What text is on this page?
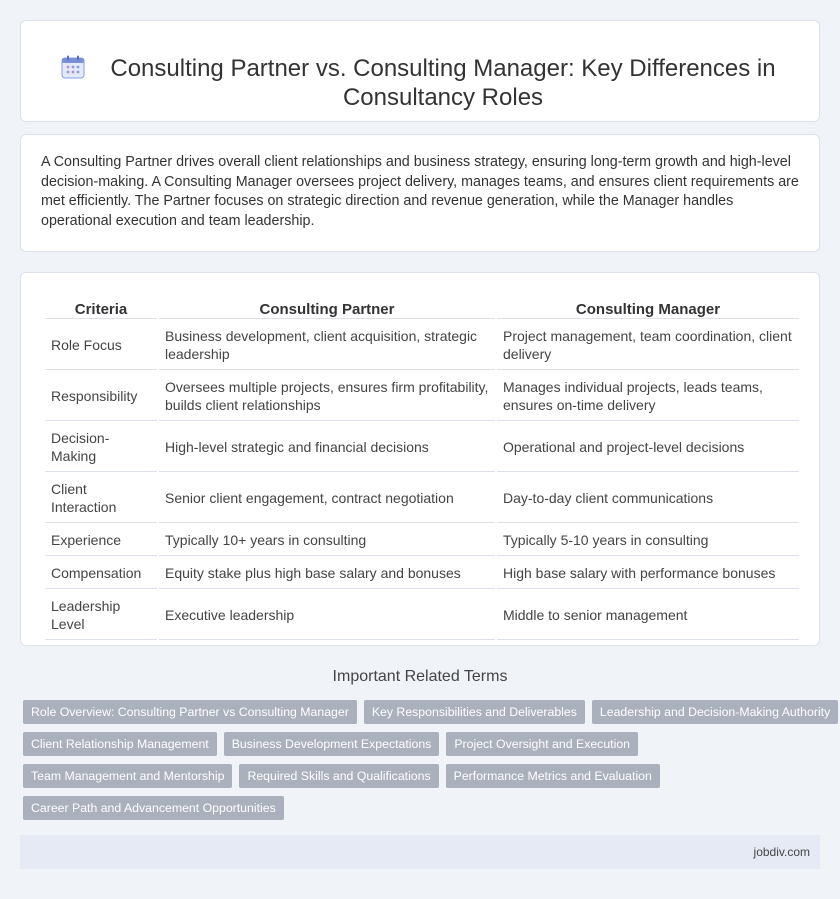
Consulting Partner vs. Consulting Manager: Key Differences in Consultancy Roles

A Consulting Partner drives overall client relationships and business strategy, ensuring long-term growth and high-level decision-making. A Consulting Manager oversees project delivery, manages teams, and ensures client requirements are met efficiently. The Partner focuses on strategic direction and revenue generation, while the Manager handles operational execution and team leadership.

Criteria	Consulting Partner	Consulting Manager
Role Focus	Business development, client acquisition, strategic leadership	Project management, team coordination, client delivery
Responsibility	Oversees multiple projects, ensures firm profitability, builds client relationships	Manages individual projects, leads teams, ensures on-time delivery
Decision-Making	High-level strategic and financial decisions	Operational and project-level decisions
Client Interaction	Senior client engagement, contract negotiation	Day-to-day client communications
Experience	Typically 10+ years in consulting	Typically 5-10 years in consulting
Compensation	Equity stake plus high base salary and bonuses	High base salary with performance bonuses
Leadership Level	Executive leadership	Middle to senior management
Important Related Terms
Role Overview: Consulting Partner vs Consulting Manager	Key Responsibilities and Deliverables	Leadership and Decision-Making Authority
Client Relationship Management	Business Development Expectations	Project Oversight and Execution
Team Management and Mentorship	Required Skills and Qualifications	Performance Metrics and Evaluation
Career Path and Advancement Opportunities
jobdiv.com
